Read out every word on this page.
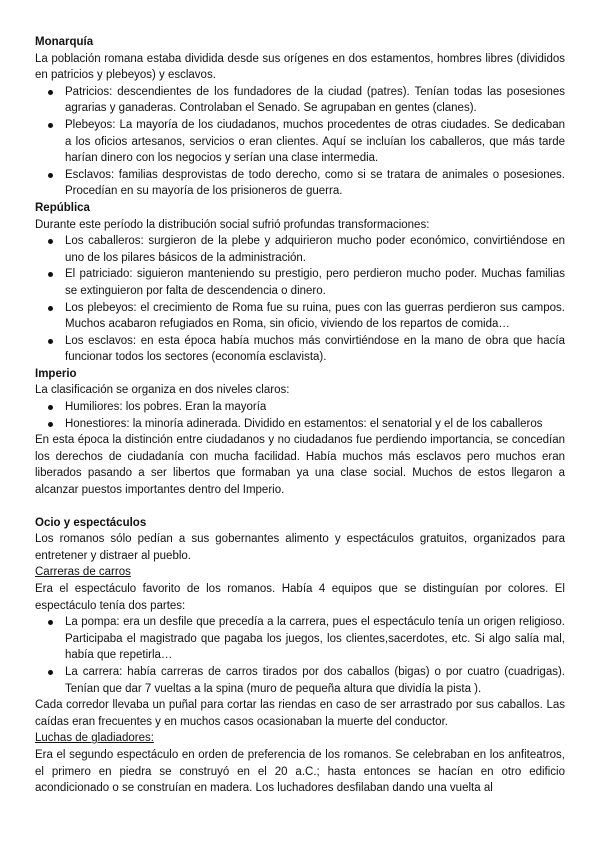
Monarquía

La población romana estaba dividida desde sus orígenes en dos estamentos, hombres libres (divididos en patricios y plebeyos) y esclavos.

Patricios: descendientes de los fundadores de la ciudad (patres). Tenían todas las posesiones agrarias y ganaderas. Controlaban el Senado. Se agrupaban en gentes (clanes).
Plebeyos: La mayoría de los ciudadanos, muchos procedentes de otras ciudades. Se dedicaban a los oficios artesanos, servicios o eran clientes. Aquí se incluían los caballeros, que más tarde harían dinero con los negocios y serían una clase intermedia.
Esclavos: familias desprovistas de todo derecho, como si se tratara de animales o posesiones. Procedían en su mayoría de los prisioneros de guerra.

República

Durante este período la distribución social sufrió profundas transformaciones:

Los caballeros: surgieron de la plebe y adquirieron mucho poder económico, convirtiéndose en uno de los pilares básicos de la administración.
El patriciado: siguieron manteniendo su prestigio, pero perdieron mucho poder. Muchas familias se extinguieron por falta de descendencia o dinero.
Los plebeyos: el crecimiento de Roma fue su ruina, pues con las guerras perdieron sus campos. Muchos acabaron refugiados en Roma, sin oficio, viviendo de los repartos de comida…
Los esclavos: en esta época había muchos más convirtiéndose en la mano de obra que hacía funcionar todos los sectores (economía esclavista).

Imperio

La clasificación se organiza en dos niveles claros:

Humiliores: los pobres. Eran la mayoría
Honestiores: la minoría adinerada. Dividido en estamentos: el senatorial y el de los caballeros

En esta época la distinción entre ciudadanos y no ciudadanos fue perdiendo importancia, se concedían los derechos de ciudadanía con mucha facilidad. Había muchos más esclavos pero muchos eran liberados pasando a ser libertos que formaban ya una clase social. Muchos de estos llegaron a alcanzar puestos importantes dentro del Imperio.

Ocio y espectáculos

Los romanos sólo pedían a sus gobernantes alimento y espectáculos gratuitos, organizados para entretener y distraer al pueblo.

Carreras de carros

Era el espectáculo favorito de los romanos. Había 4 equipos que se distinguían por colores. El espectáculo tenía dos partes:

La pompa: era un desfile que precedía a la carrera, pues el espectáculo tenía un origen religioso. Participaba el magistrado que pagaba los juegos, los clientes,sacerdotes, etc. Si algo salía mal, había que repetirla…
La carrera: había carreras de carros tirados por dos caballos (bigas) o por cuatro (cuadrigas). Tenían que dar 7 vueltas a la spina (muro de pequeña altura que dividía la pista ).

Cada corredor llevaba un puñal para cortar las riendas en caso de ser arrastrado por sus caballos. Las caídas eran frecuentes y en muchos casos ocasionaban la muerte del conductor.

Luchas de gladiadores:

Era el segundo espectáculo en orden de preferencia de los romanos. Se celebraban en los anfiteatros, el primero en piedra se construyó en el 20 a.C.; hasta entonces se hacían en otro edificio acondicionado o se construían en madera. Los luchadores desfilaban dando una vuelta al
